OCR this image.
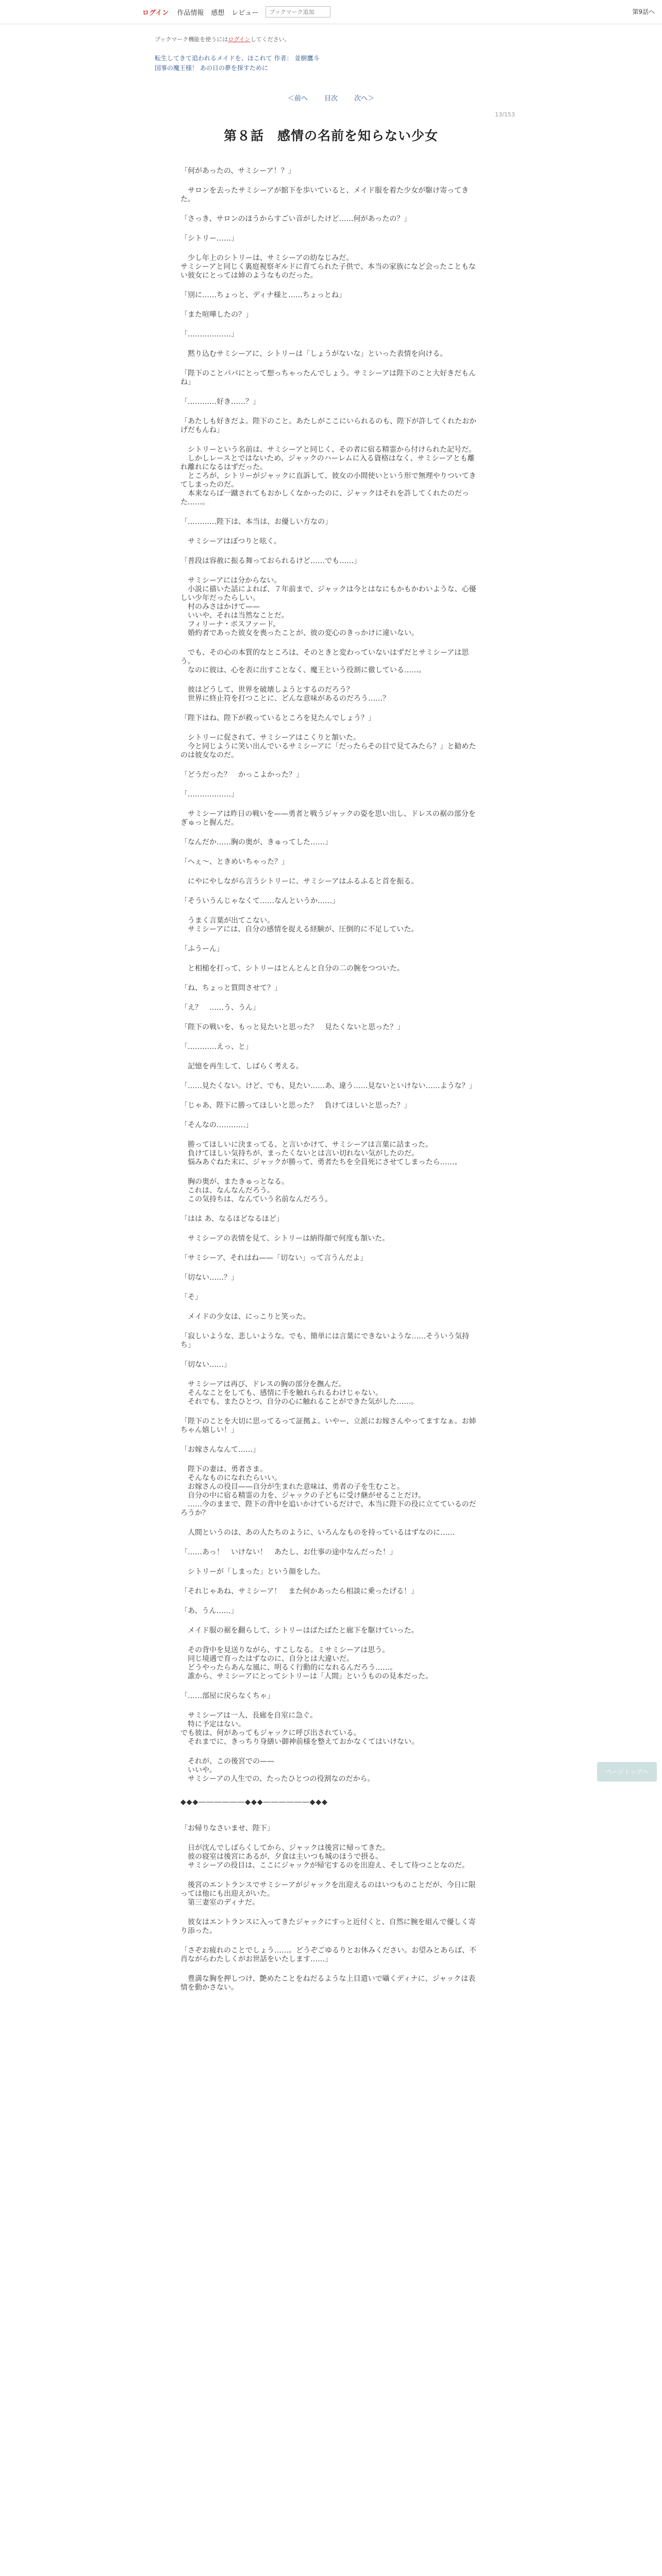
ログイン 作品情報 感想 レビュー
ブックマーク追加	第9話へ
ブックマーク機能を使うにはログインしてください。
転生してきて追われるメイドを、ほこれて 作者： 並樹鷹斗
国事の魔王様！ あの日の夢を探すために
＜前へ 目次 次へ＞
13/153
第８話　感情の名前を知らない少女

「何があったの、サミシーア！？」

　サロンを去ったサミシーアが館下を歩いていると、メイド服を着た少女が駆け寄ってきた。

「さっき、サロンのほうからすごい音がしたけど……何があったの？」

「シトリー……」

　少し年上のシトリーは、サミシーアの幼なじみだ。
サミシーアと同じく裏庭視察ギルドに育てられた子供で、本当の家族になど会ったこともない彼女にとっては姉のようなものだった。

「別に……ちょっと、ディナ様と……ちょっとね」

「また喧嘩したの？」

「………………」

　黙り込むサミシーアに、シトリーは「しょうがないな」といった表情を向ける。

「陛下のことパパにとって想っちゃったんでしょう。サミシーアは陛下のこと大好きだもんね」

「…………好き……？」

「あたしも好きだよ。陛下のこと。あたしがここにいられるのも、陛下が許してくれたおかげだもんね」

　シトリーという名前は、サミシーアと同じく、その者に宿る精霊から付けられた記号だ。
　しかしレースとではないため、ジャックのハーレムに入る資格はなく、サミシーアとも離れ離れになるはずだった。
　ところが、シトリーがジャックに直訴して、彼女の小間使いという形で無理やりついてきてしまったのだ。
　本来ならば一蹴されてもおかしくなかったのに、ジャックはそれを許してくれたのだった……。

「…………陛下は、本当は、お優しい方なの」

　サミシーアはぼつりと呟く。

「普段は容赦に振る舞っておられるけど……でも……」

　サミシーアには分からない。
　小説に描いた話によれば、７年前まで、ジャックは今とはなにもかもかわいような、心優しい少年だったらしい。
　村のみさはかけて——
　いいや、それは当然なことだ。
　フィリーナ・ボスファード。
　婚約者であった彼女を喪ったことが、彼の変心のきっかけに違いない。

　でも、その心の本質的なところは、そのときと変わっていないはずだとサミシーアは思う。
　なのに彼は、心を表に出すことなく、魔王という役割に徹している……。

　彼はどうして、世界を破壊しようとするのだろう？
　世界に終止符を打つことに、どんな意味があるのだろう……？

「陛下はね、陛下が救っているところを見たんでしょう？」

　シトリーに促されて、サミシーアはこくりと頷いた。
　今と同じように笑い出んでいるサミシーアに「だったらその目で見てみたら？」と勧めたのは彼女なのだ。

「どうだった？　かっこよかった？」

「………………」

　サミシーアは昨日の戦いを——勇者と戦うジャックの姿を思い出し、ドレスの裾の部分をぎゅっと握んだ。

「なんだか……胸の奥が、きゅってした……」

「へぇ～、ときめいちゃった？」

　にやにやしながら言うシトリーに、サミシーアはふるふると首を振る。

「そういうんじゃなくて……なんというか……」

　うまく言葉が出てこない。
　サミシーアには、自分の感情を捉える経験が、圧倒的に不足していた。

「ふうーん」

　と相槌を打って、シトリーはとんとんと自分の二の腕をつついた。

「ね、ちょっと質問させて？」

「え？　……う、うん」

「陛下の戦いを、もっと見たいと思った？　見たくないと思った？」

「…………えっ、と」

　記憶を再生して、しばらく考える。

「……見たくない。けど、でも、見たい……あ、違う……見ないといけない……ような？」

「じゃあ、陛下に勝ってほしいと思った？　負けてほしいと思った？」

「そんなの…………」

　勝ってほしいに決まってる、と言いかけて、サミシーアは言葉に詰まった。
　負けてほしい気持ちが、まったくないとは言い切れない気がしたのだ。
　悩みあぐねた末に、ジャックが勝って、勇者たちを全員死にさせてしまったら……。

　胸の奥が、またきゅっとなる。
　これは、なんなんだろう。
　この気持ちは、なんていう名前なんだろう。

「はは あ、なるほどなるほど」

　サミシーアの表情を見て、シトリーは納得顔で何度も頷いた。

「サミシーア、それはね——「切ない」って言うんだよ」

「切ない……？」

「そ」

　メイドの少女は、にっこりと笑った。

「寂しいような、悲しいような。でも、簡単には言葉にできないような……そういう気持ち」

「切ない……」

　サミシーアは再び、ドレスの胸の部分を撫んだ。
　そんなことをしても、感情に手を触れられるわけじゃない。
　それでも、またひとつ、自分の心に触れることができた気がした……。

「陛下のことを大切に思ってるって証拠よ。いやー、立派にお嫁さんやってますなぁ。お姉ちゃん嬉しい！」

「お嫁さんなんて……」

　陛下の妻は、勇者さま。
　そんなものになれたらいい。
　お嫁さんの役目——自分が生まれた意味は、勇者の子を生むこと。
　自分の中に宿る精霊の力を、ジャックの子どもに受け継がせることだけ。
　……今のままで、陛下の背中を追いかけているだけで、本当に陛下の役に立てているのだろうか？

　人間というのは、あの人たちのように、いろんなものを持っているはずなのに……

「……あっ！　いけない！　あたし、お仕事の途中なんだった！」

　シトリーが「しまった」という顔をした。

「それじゃあね、サミシーア！　また何かあったら相談に乗ったげる！」

「あ、うん……」

　メイド服の裾を翻らして、シトリーはばたばたと廊下を駆けていった。

　その背中を見送りながら、すこしなる。ミサミシーアは思う。
　同じ境遇で育ったはずなのに、自分とは大違いだ。
　どうやったらあんな風に、明るく行動的になれるんだろう……。
　誰から、サミシーアにとってシトリーは「人間」というものの見本だった。

「……部屋に戻らなくちゃ」

　サミシーアは一人、長廊を自室に急ぐ。
　特に予定はない。
でも彼は、何があってもジャックに呼び出されている。
　それまでに、きっちり身繕い御神前様を整えておかなくてはいけない。

　それが、この後宮での——
　いいや。
　サミシーアの人生での、たったひとつの役割なのだから。

◆◆◆――――――◆◆◆――――――◆◆◆

「お帰りなさいませ、陛下」

　日が沈んでしばらくしてから、ジャックは後宮に帰ってきた。
　彼の寝室は後宮にあるが、夕食は主いつも城のほうで摂る。
　サミシーアの役目は、ここにジャックが帰宅するのを出迎え、そして待つことなのだ。

　後宮のエントランスでサミシーアがジャックを出迎えるのはいつものことだが、今日に限っては他にも出迎えがいた。
　第三妻室のディナだ。

　彼女はエントランスに入ってきたジャックにすっと近付くと、自然に腕を組んで優しく寄り添った。

「さぞお疲れのことでしょう……。どうぞごゆるりとお休みください。お望みとあらば、不肖ながらわたしくがお世話をいたします……」

　豊満な胸を押しつけ、艶めたことをねだるような上目遣いで囁くディナに、ジャックは表情を動かさない。

ページトップへ
